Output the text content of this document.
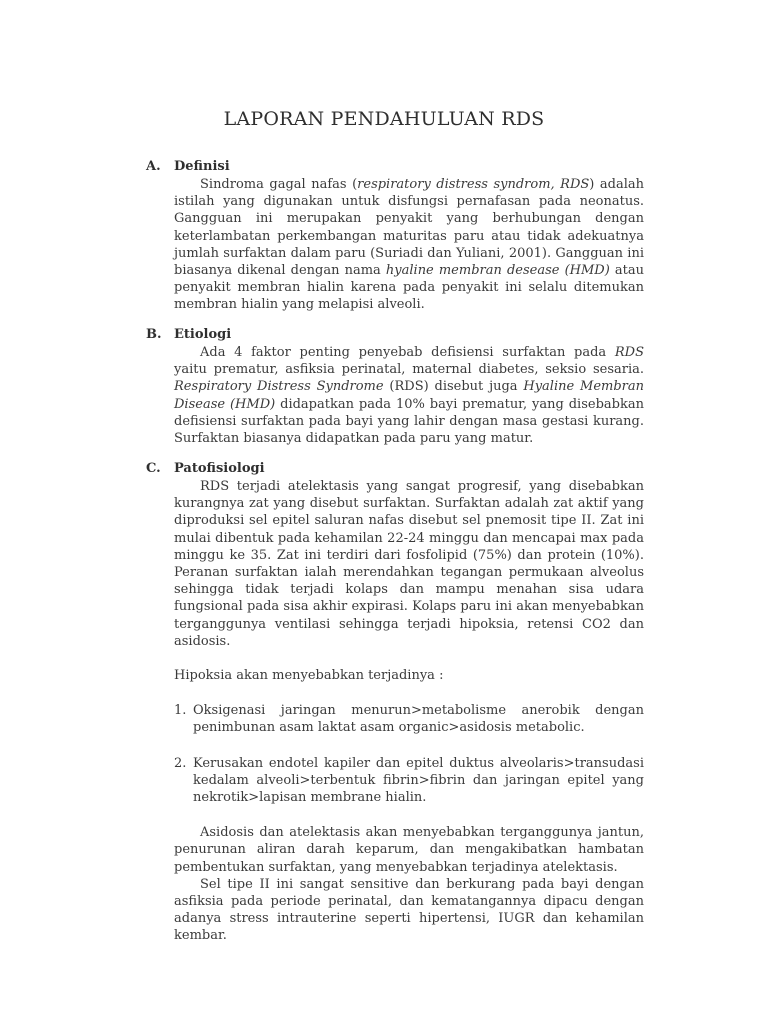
LAPORAN PENDAHULUAN RDS
A.	Definisi

Sindroma gagal nafas (respiratory distress syndrom, RDS) adalah istilah yang digunakan untuk disfungsi pernafasan pada neonatus. Gangguan ini merupakan penyakit yang berhubungan dengan keterlambatan perkembangan maturitas paru atau tidak adekuatnya jumlah surfaktan dalam paru (Suriadi dan Yuliani, 2001). Gangguan ini biasanya dikenal dengan nama hyaline membran desease (HMD) atau penyakit membran hialin karena pada penyakit ini selalu ditemukan membran hialin yang melapisi alveoli.

B. Etiologi

Ada 4 faktor penting penyebab defisiensi surfaktan pada RDS yaitu prematur, asfiksia perinatal, maternal diabetes, seksio sesaria. Respiratory Distress Syndrome (RDS) disebut juga Hyaline Membran Disease (HMD) didapatkan pada 10% bayi prematur, yang disebabkan defisiensi surfaktan pada bayi yang lahir dengan masa gestasi kurang. Surfaktan biasanya didapatkan pada paru yang matur.

C.	Patofisiologi

RDS terjadi atelektasis yang sangat progresif, yang disebabkan kurangnya zat yang disebut surfaktan. Surfaktan adalah zat aktif yang diproduksi sel epitel saluran nafas disebut sel pnemosit tipe II. Zat ini mulai dibentuk pada kehamilan 22-24 minggu dan mencapai max pada minggu ke 35. Zat ini terdiri dari fosfolipid (75%) dan protein (10%). Peranan surfaktan ialah merendahkan tegangan permukaan alveolus sehingga tidak terjadi kolaps dan mampu menahan sisa udara fungsional pada sisa akhir expirasi. Kolaps paru ini akan menyebabkan terganggunya ventilasi sehingga terjadi hipoksia, retensi CO2 dan asidosis.

Hipoksia akan menyebabkan terjadinya :

1. Oksigenasi jaringan menurun>metabolisme anerobik dengan penimbunan asam laktat asam organic>asidosis metabolic.
2. Kerusakan endotel kapiler dan epitel duktus alveolaris>transudasi kedalam alveoli>terbentuk fibrin>fibrin dan jaringan epitel yang nekrotik>lapisan membrane hialin.

Asidosis dan atelektasis akan menyebabkan terganggunya jantun, penurunan aliran darah keparum, dan mengakibatkan hambatan pembentukan surfaktan, yang menyebabkan terjadinya atelektasis.

Sel tipe II ini sangat sensitive dan berkurang pada bayi dengan asfiksia pada periode perinatal, dan kematangannya dipacu dengan adanya stress intrauterine seperti hipertensi, IUGR dan kehamilan kembar.
